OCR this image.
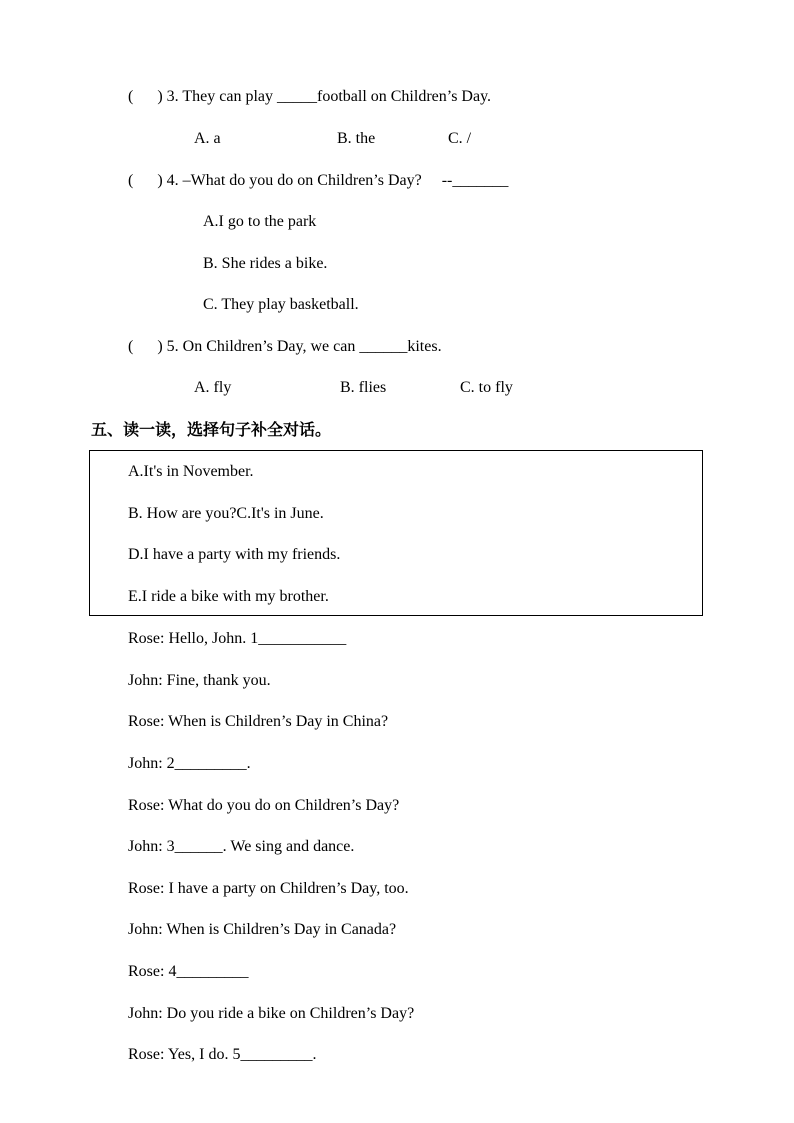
(      ) 3. They can play _____football on Children’s Day.
A. a	B. the	C. /
(      ) 4. –What do you do on Children’s Day?     --_______
A.I go to the park
B. She rides a bike.
C. They play basketball.
(      ) 5. On Children’s Day, we can ______kites.
A. fly	B. flies	C. to fly
五、读一读，选择句子补全对话。
A.It's in November.
B. How are you?C.It's in June.
D.I have a party with my friends.
E.I ride a bike with my brother.
Rose: Hello, John. 1___________
John: Fine, thank you.
Rose: When is Children’s Day in China?
John: 2_________.
Rose: What do you do on Children’s Day?
John: 3______. We sing and dance.
Rose: I have a party on Children’s Day, too.
John: When is Children’s Day in Canada?
Rose: 4_________
John: Do you ride a bike on Children’s Day?
Rose: Yes, I do. 5_________.
